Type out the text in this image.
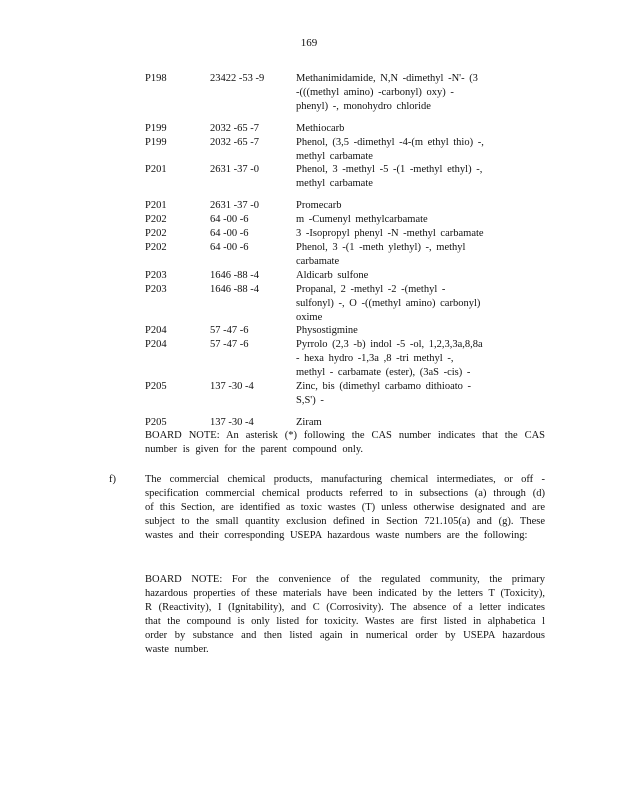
169
P198	23422 -53 -9	Methanimidamide, N,N -dimethyl -N'- (3 -(((methyl amino) -carbonyl) oxy) - phenyl) -, monohydro chloride
P199	2032 -65 -7	Methiocarb
P199	2032 -65 -7	Phenol, (3,5 -dimethyl -4-(m ethyl thio) -, methyl carbamate
P201	2631 -37 -0	Phenol, 3 -methyl -5 -(1 -methyl ethyl) -, methyl carbamate
P201	2631 -37 -0	Promecarb
P202	64 -00 -6	m -Cumenyl methylcarbamate
P202	64 -00 -6	3 -Isopropyl phenyl -N -methyl carbamate
P202	64 -00 -6	Phenol, 3 -(1 -meth ylethyl) -, methyl carbamate
P203	1646 -88 -4	Aldicarb sulfone
P203	1646 -88 -4	Propanal, 2 -methyl -2 -(methyl - sulfonyl) -, O -((methyl amino) carbonyl) oxime
P204	57 -47 -6	Physostigmine
P204	57 -47 -6	Pyrrolo (2,3 -b) indol -5 -ol, 1,2,3,3a,8,8a - hexa hydro -1,3a ,8 -tri methyl -, methyl - carbamate (ester), (3aS -cis) -
P205	137 -30 -4	Zinc, bis (dimethyl carbamo dithioato - S,S') -
P205	137 -30 -4	Ziram
BOARD NOTE: An asterisk (*) following the CAS number indicates that the CAS number is given for the parent compound only.
f)	The commercial chemical products, manufacturing chemical intermediates, or off - specification commercial chemical products referred to in subsections (a) through (d) of this Section, are identified as toxic wastes (T) unless otherwise designated and are subject to the small quantity exclusion defined in Section 721.105(a) and (g). These wastes and their corresponding USEPA hazardous waste numbers are the following:
BOARD NOTE: For the convenience of the regulated community, the primary hazardous properties of these materials have been indicated by the letters T (Toxicity), R (Reactivity), I (Ignitability), and C (Corrosivity). The absence of a letter indicates that the compound is only listed for toxicity. Wastes are first listed in alphabetica l order by substance and then listed again in numerical order by USEPA hazardous waste number.
